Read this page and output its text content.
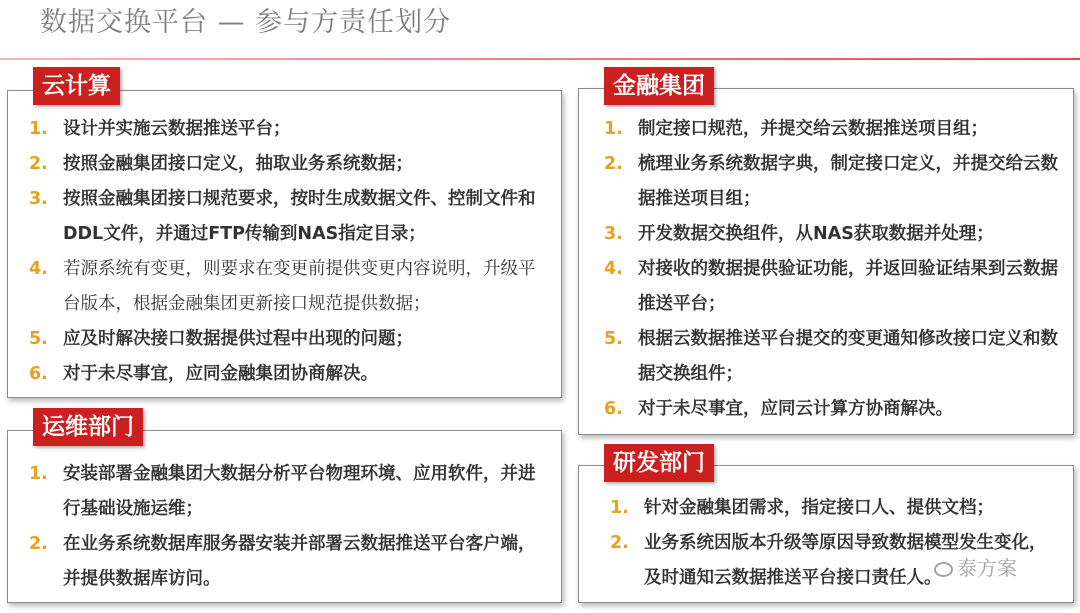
数据交换平台 — 参与方责任划分
云计算
1. 设计并实施云数据推送平台；
2. 按照金融集团接口定义，抽取业务系统数据；
3. 按照金融集团接口规范要求，按时生成数据文件、控制文件和DDL文件，并通过FTP传输到NAS指定目录；
4. 若源系统有变更，则要求在变更前提供变更内容说明，升级平台版本，根据金融集团更新接口规范提供数据；
5. 应及时解决接口数据提供过程中出现的问题；
6. 对于未尽事宜，应同金融集团协商解决。
金融集团
1. 制定接口规范，并提交给云数据推送项目组；
2. 梳理业务系统数据字典，制定接口定义，并提交给云数据推送项目组；
3. 开发数据交换组件，从NAS获取数据并处理；
4. 对接收的数据提供验证功能，并返回验证结果到云数据推送平台；
5. 根据云数据推送平台提交的变更通知修改接口定义和数据交换组件；
6. 对于未尽事宜，应同云计算方协商解决。
运维部门
1. 安装部署金融集团大数据分析平台物理环境、应用软件，并进行基础设施运维；
2. 在业务系统数据库服务器安装并部署云数据推送平台客户端，并提供数据库访问。
研发部门
1. 针对金融集团需求，指定接口人、提供文档；
2. 业务系统因版本升级等原因导致数据模型发生变化，及时通知云数据推送平台接口责任人。 泰方案
